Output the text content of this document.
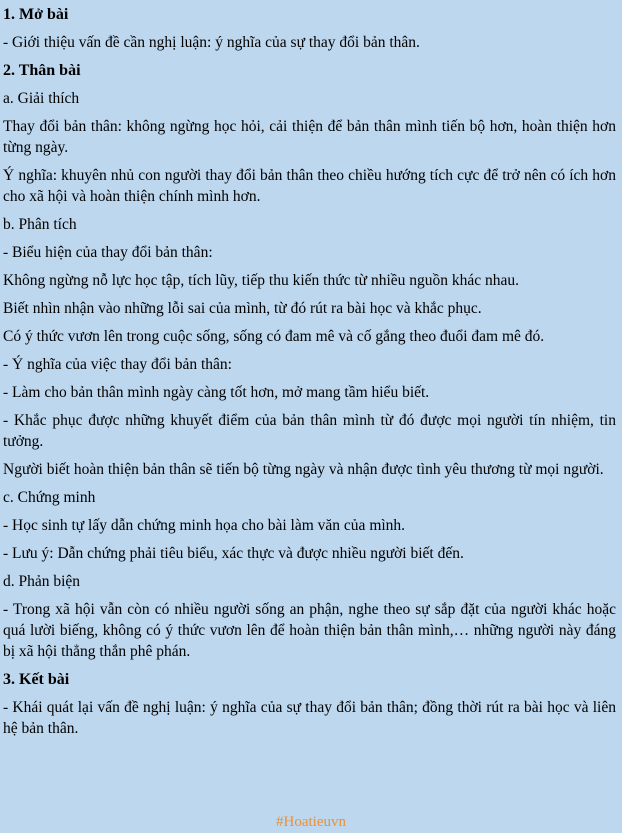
1. Mở bài

- Giới thiệu vấn đề cần nghị luận: ý nghĩa của sự thay đổi bản thân.

2. Thân bài

a. Giải thích

Thay đổi bản thân: không ngừng học hỏi, cải thiện để bản thân mình tiến bộ hơn, hoàn thiện hơn từng ngày.

Ý nghĩa: khuyên nhủ con người thay đổi bản thân theo chiều hướng tích cực để trở nên có ích hơn cho xã hội và hoàn thiện chính mình hơn.

b. Phân tích

- Biểu hiện của thay đổi bản thân:

Không ngừng nỗ lực học tập, tích lũy, tiếp thu kiến thức từ nhiều nguồn khác nhau.

Biết nhìn nhận vào những lỗi sai của mình, từ đó rút ra bài học và khắc phục.

Có ý thức vươn lên trong cuộc sống, sống có đam mê và cố gắng theo đuổi đam mê đó.

- Ý nghĩa của việc thay đổi bản thân:

- Làm cho bản thân mình ngày càng tốt hơn, mở mang tầm hiểu biết.

- Khắc phục được những khuyết điểm của bản thân mình từ đó được mọi người tín nhiệm, tin tưởng.

Người biết hoàn thiện bản thân sẽ tiến bộ từng ngày và nhận được tình yêu thương từ mọi người.

c. Chứng minh

- Học sinh tự lấy dẫn chứng minh họa cho bài làm văn của mình.

- Lưu ý: Dẫn chứng phải tiêu biểu, xác thực và được nhiều người biết đến.

d. Phản biện

- Trong xã hội vẫn còn có nhiều người sống an phận, nghe theo sự sắp đặt của người khác hoặc quá lười biếng, không có ý thức vươn lên để hoàn thiện bản thân mình,… những người này đáng bị xã hội thẳng thắn phê phán.

3. Kết bài

- Khái quát lại vấn đề nghị luận: ý nghĩa của sự thay đổi bản thân; đồng thời rút ra bài học và liên hệ bản thân.

#Hoatieuvn
